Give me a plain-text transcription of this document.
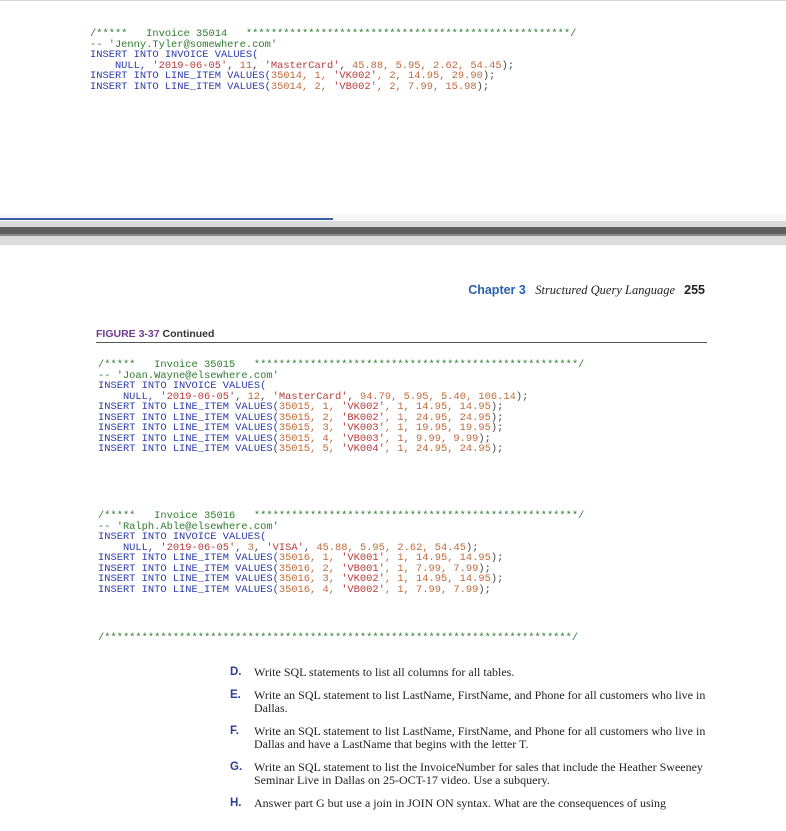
/*****   Invoice 35014   ****************************************************/
-- 'Jenny.Tyler@somewhere.com'
INSERT INTO INVOICE VALUES(
NULL, '2019-06-05', 11, 'MasterCard', 45.88, 5.95, 2.62, 54.45);
INSERT INTO LINE_ITEM VALUES(35014, 1, 'VK002', 2, 14.95, 29.90);
INSERT INTO LINE_ITEM VALUES(35014, 2, 'VB002', 2, 7.99, 15.98);
Chapter 3 Structured Query Language 255
FIGURE 3-37 Continued
/*****   Invoice 35015   ****************************************************/
-- 'Joan.Wayne@elsewhere.com'
INSERT INTO INVOICE VALUES(
NULL, '2019-06-05', 12, 'MasterCard', 94.79, 5.95, 5.40, 106.14);
INSERT INTO LINE_ITEM VALUES(35015, 1, 'VK002', 1, 14.95, 14.95);
INSERT INTO LINE_ITEM VALUES(35015, 2, 'BK002', 1, 24.95, 24.95);
INSERT INTO LINE_ITEM VALUES(35015, 3, 'VK003', 1, 19.95, 19.95);
INSERT INTO LINE_ITEM VALUES(35015, 4, 'VB003', 1, 9.99, 9.99);
INSERT INTO LINE_ITEM VALUES(35015, 5, 'VK004', 1, 24.95, 24.95);
/*****   Invoice 35016   ****************************************************/
-- 'Ralph.Able@elsewhere.com'
INSERT INTO INVOICE VALUES(
NULL, '2019-06-05', 3, 'VISA', 45.88, 5.95, 2.62, 54.45);
INSERT INTO LINE_ITEM VALUES(35016, 1, 'VK001', 1, 14.95, 14.95);
INSERT INTO LINE_ITEM VALUES(35016, 2, 'VB001', 1, 7.99, 7.99);
INSERT INTO LINE_ITEM VALUES(35016, 3, 'VK002', 1, 14.95, 14.95);
INSERT INTO LINE_ITEM VALUES(35016, 4, 'VB002', 1, 7.99, 7.99);
/***************************************************************************/
D. Write SQL statements to list all columns for all tables.
E. Write an SQL statement to list LastName, FirstName, and Phone for all customers who live in Dallas.
F. Write an SQL statement to list LastName, FirstName, and Phone for all customers who live in Dallas and have a LastName that begins with the letter T.
G. Write an SQL statement to list the InvoiceNumber for sales that include the Heather Sweeney Seminar Live in Dallas on 25-OCT-17 video. Use a subquery.
H. Answer part G but use a join in JOIN ON syntax. What are the consequences of using
